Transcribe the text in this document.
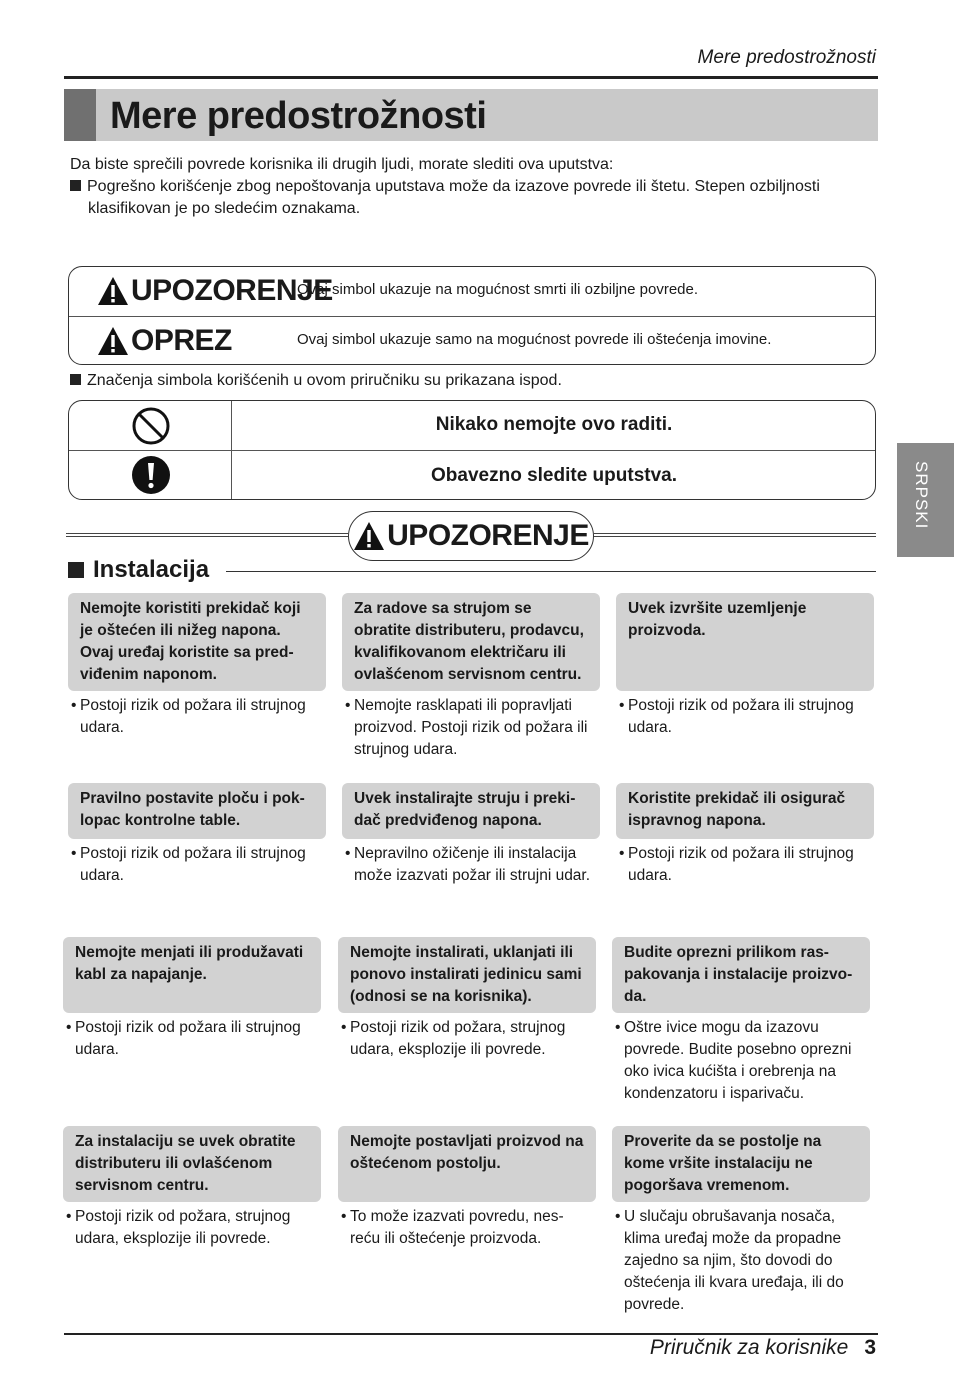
Mere predostrožnosti
Mere predostrožnosti

Da biste sprečili povrede korisnika ili drugih ljudi, morate slediti ova uputstva:

Pogrešno korišćenje zbog nepoštovanja uputstava može da izazove povrede ili štetu. Stepen ozbiljnosti klasifikovan je po sledećim oznakama.

UPOZORENJE
Ovaj simbol ukazuje na mogućnost smrti ili ozbiljne povrede.
OPREZ	Ovaj simbol ukazuje samo na mogućnost povrede ili oštećenja imovine.
Značenja simbola korišćenih u ovom priručniku su prikazana ispod.
Nikako nemojte ovo raditi.
Obavezno sledite uputstva.
UPOZORENJE
Instalacija
Nemojte koristiti prekidač koji je oštećen ili nižeg napona. Ovaj uređaj koristite sa pred- viđenim naponom.
• Postoji rizik od požara ili strujnog udara.
Za radove sa strujom se obratite distributeru, prodavcu, kvalifikovanom električaru ili ovlašćenom servisnom centru.
• Nemojte rasklapati ili popravljati proizvod. Postoji rizik od požara ili strujnog udara.
Uvek izvršite uzemljenje proizvoda.
• Postoji rizik od požara ili strujnog udara.
Pravilno postavite ploču i pok- lopac kontrolne table.
• Postoji rizik od požara ili strujnog udara.
Uvek instalirajte struju i preki- dač predviđenog napona.
• Nepravilno ožičenje ili instalacija može izazvati požar ili strujni udar.
Koristite prekidač ili osigurač ispravnog napona.
• Postoji rizik od požara ili strujnog udara.
Nemojte menjati ili produžavati kabl za napajanje.
• Postoji rizik od požara ili strujnog udara.
Nemojte instalirati, uklanjati ili ponovo instalirati jedinicu sami (odnosi se na korisnika).
• Postoji rizik od požara, strujnog udara, eksplozije ili povrede.
Budite oprezni prilikom ras- pakovanja i instalacije proizvo- da.
• Oštre ivice mogu da izazovu povrede. Budite posebno oprezni oko ivica kućišta i orebrenja na kondenzatoru i isparivaču.
Za instalaciju se uvek obratite distributeru ili ovlašćenom servisnom centru.
• Postoji rizik od požara, strujnog udara, eksplozije ili povrede.
Nemojte postavljati proizvod na oštećenom postolju.
• To može izazvati povredu, nes- reću ili oštećenje proizvoda.
Proverite da se postolje na kome vršite instalaciju ne pogoršava vremenom.
• U slučaju obrušavanja nosača, klima uređaj može da propadne zajedno sa njim, što dovodi do oštećenja ili kvara uređaja, ili do povrede.
SRPSKI
Priručnik za korisnike 3
